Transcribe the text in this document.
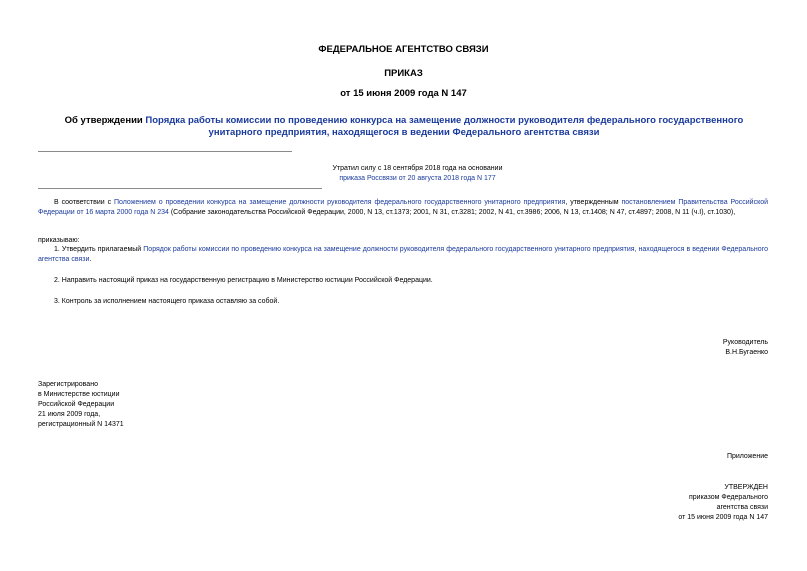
ФЕДЕРАЛЬНОЕ АГЕНТСТВО СВЯЗИ
ПРИКАЗ
от 15 июня 2009 года N 147
Об утверждении Порядка работы комиссии по проведению конкурса на замещение должности руководителя федерального государственного унитарного предприятия, находящегося в ведении Федерального агентства связи
Утратил силу с 18 сентября 2018 года на основании
приказа Россвязи от 20 августа 2018 года N 177
В соответствии с Положением о проведении конкурса на замещение должности руководителя федерального государственного унитарного предприятия, утвержденным постановлением Правительства Российской Федерации от 16 марта 2000 года N 234 (Собрание законодательства Российской Федерации, 2000, N 13, ст.1373; 2001, N 31, ст.3281; 2002, N 41, ст.3986; 2006, N 13, ст.1408; N 47, ст.4897; 2008, N 11 (ч.I), ст.1030),
приказываю:
1. Утвердить прилагаемый Порядок работы комиссии по проведению конкурса на замещение должности руководителя федерального государственного унитарного предприятия, находящегося в ведении Федерального агентства связи.
2. Направить настоящий приказ на государственную регистрацию в Министерство юстиции Российской Федерации.
3. Контроль за исполнением настоящего приказа оставляю за собой.
Руководитель
В.Н.Бугаенко
Зарегистрировано
в Министерстве юстиции
Российской Федерации
21 июля 2009 года,
регистрационный N 14371
Приложение
УТВЕРЖДЕН
приказом Федерального
агентства связи
от 15 июня 2009 года N 147
